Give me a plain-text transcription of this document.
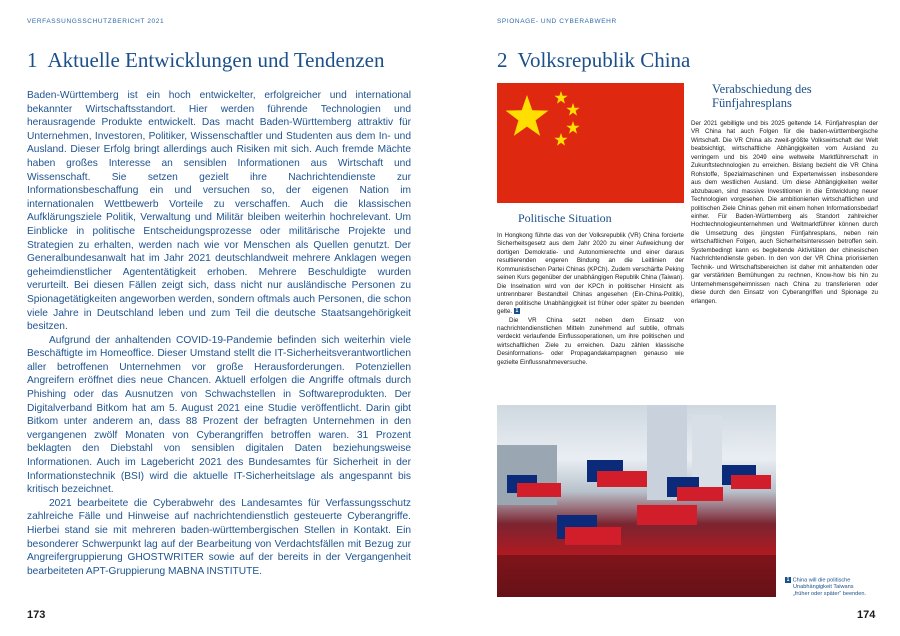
VERFASSUNGSSCHUTZBERICHT 2021
1 Aktuelle Entwicklungen und Tendenzen

Baden-Württemberg ist ein hoch entwickelter, erfolgreicher und international bekannter Wirtschaftsstandort. Hier werden führende Technologien und herausragende Produkte entwickelt. Das macht Baden-Württemberg attraktiv für Unternehmen, Investoren, Politiker, Wissenschaftler und Studenten aus dem In- und Ausland. Dieser Erfolg bringt allerdings auch Risiken mit sich. Auch fremde Mächte haben großes Interesse an sensiblen Informationen aus Wirtschaft und Wissenschaft. Sie setzen gezielt ihre Nachrichtendienste zur Informationsbeschaffung ein und versuchen so, der eigenen Nation im internationalen Wettbewerb Vorteile zu verschaffen. Auch die klassischen Aufklärungsziele Politik, Verwaltung und Militär bleiben weiterhin hochrelevant. Um Einblicke in politische Entscheidungsprozesse oder militärische Projekte und Strategien zu erhalten, werden nach wie vor Menschen als Quellen genutzt. Der Generalbundesanwalt hat im Jahr 2021 deutschlandweit mehrere Anklagen wegen geheimdienstlicher Agententätigkeit erhoben. Mehrere Beschuldigte wurden verurteilt. Bei diesen Fällen zeigt sich, dass nicht nur ausländische Personen zu Spionagetätigkeiten angeworben werden, sondern oftmals auch Personen, die schon viele Jahre in Deutschland leben und zum Teil die deutsche Staatsangehörigkeit besitzen.

Aufgrund der anhaltenden COVID-19-Pandemie befinden sich weiterhin viele Beschäftigte im Homeoffice. Dieser Umstand stellt die IT-Sicherheitsverantwortlichen aller betroffenen Unternehmen vor große Herausforderungen. Potenziellen Angreifern eröffnet dies neue Chancen. Aktuell erfolgen die Angriffe oftmals durch Phishing oder das Ausnutzen von Schwachstellen in Softwareprodukten. Der Digitalverband Bitkom hat am 5. August 2021 eine Studie veröffentlicht. Darin gibt Bitkom unter anderem an, dass 88 Prozent der befragten Unternehmen in den vergangenen zwölf Monaten von Cyberangriffen betroffen waren. 31 Prozent beklagten den Diebstahl von sensiblen digitalen Daten beziehungsweise Informationen. Auch im Lagebericht 2021 des Bundesamtes für Sicherheit in der Informationstechnik (BSI) wird die aktuelle IT-Sicherheitslage als angespannt bis kritisch bezeichnet.

2021 bearbeitete die Cyberabwehr des Landesamtes für Verfassungsschutz zahlreiche Fälle und Hinweise auf nachrichtendienstlich gesteuerte Cyberangriffe. Hierbei stand sie mit mehreren baden-württembergischen Stellen in Kontakt. Ein besonderer Schwerpunkt lag auf der Bearbeitung von Verdachtsfällen mit Bezug zur Angreifergruppierung GHOSTWRITER sowie auf der bereits in der Vergangenheit bearbeiteten APT-Gruppierung MABNA INSTITUTE.

173
SPIONAGE- UND CYBERABWEHR
2 Volksrepublik China
Politische Situation

In Hongkong führte das von der Volksrepublik (VR) China forcierte Sicherheitsgesetz aus dem Jahr 2020 zu einer Aufweichung der dortigen Demokratie- und Autonomierechte und einer daraus resultierenden engeren Bindung an die Leitlinien der Kommunistischen Partei Chinas (KPCh). Zudem verschärfte Peking seinen Kurs gegenüber der unabhängigen Republik China (Taiwan). Die Inselnation wird von der KPCh in politischer Hinsicht als untrennbarer Bestandteil Chinas angesehen (Ein-China-Politik), deren politische Unabhängigkeit ist früher oder später zu beenden gelte. 1

Die VR China setzt neben dem Einsatz von nachrichtendienstlichen Mitteln zunehmend auf subtile, oftmals verdeckt verlaufende Einflussoperationen, um ihre politischen und wirtschaftlichen Ziele zu erreichen. Dazu zählen klassische Desinformations- oder Propagandakampagnen genauso wie gezielte Einflussnahmeversuche.

Verabschiedung des
Fünfjahresplans

Der 2021 gebilligte und bis 2025 geltende 14. Fünfjahresplan der VR China hat auch Folgen für die baden-württembergische Wirtschaft. Die VR China als zweit-größte Volkswirtschaft der Welt beabsichtigt, wirtschaftliche Abhängigkeiten vom Ausland zu verringern und bis 2049 eine weltweite Marktführerschaft in Zukunftstechnologien zu erreichen. Bislang bezieht die VR China Rohstoffe, Spezialmaschinen und Expertenwissen insbesondere aus dem westlichen Ausland. Um diese Abhängigkeiten weiter abzubauen, sind massive Investitionen in die Entwicklung neuer Technologien vorgesehen. Die ambitionierten wirtschaftlichen und politischen Ziele Chinas gehen mit einem hohen Informationsbedarf einher. Für Baden-Württemberg als Standort zahlreicher Hochtechnologieunternehmen und Weltmarktführer können durch die Umsetzung des jüngsten Fünfjahresplans, neben rein wirtschaftlichen Folgen, auch Sicherheitsinteressen betroffen sein. Systembedingt kann es begleitende Aktivitäten der chinesischen Nachrichtendienste geben. In den von der VR China priorisierten Technik- und Wirtschaftsbereichen ist daher mit anhaltenden oder gar verstärkten Bemühungen zu rechnen, Know-how bis hin zu Unternehmensgeheimnissen nach China zu transferieren oder diese durch den Einsatz von Cyberangriffen und Spionage zu erlangen.

1 China will die politische
Unabhängigkeit Taiwans
„früher oder später“ beenden.
174
